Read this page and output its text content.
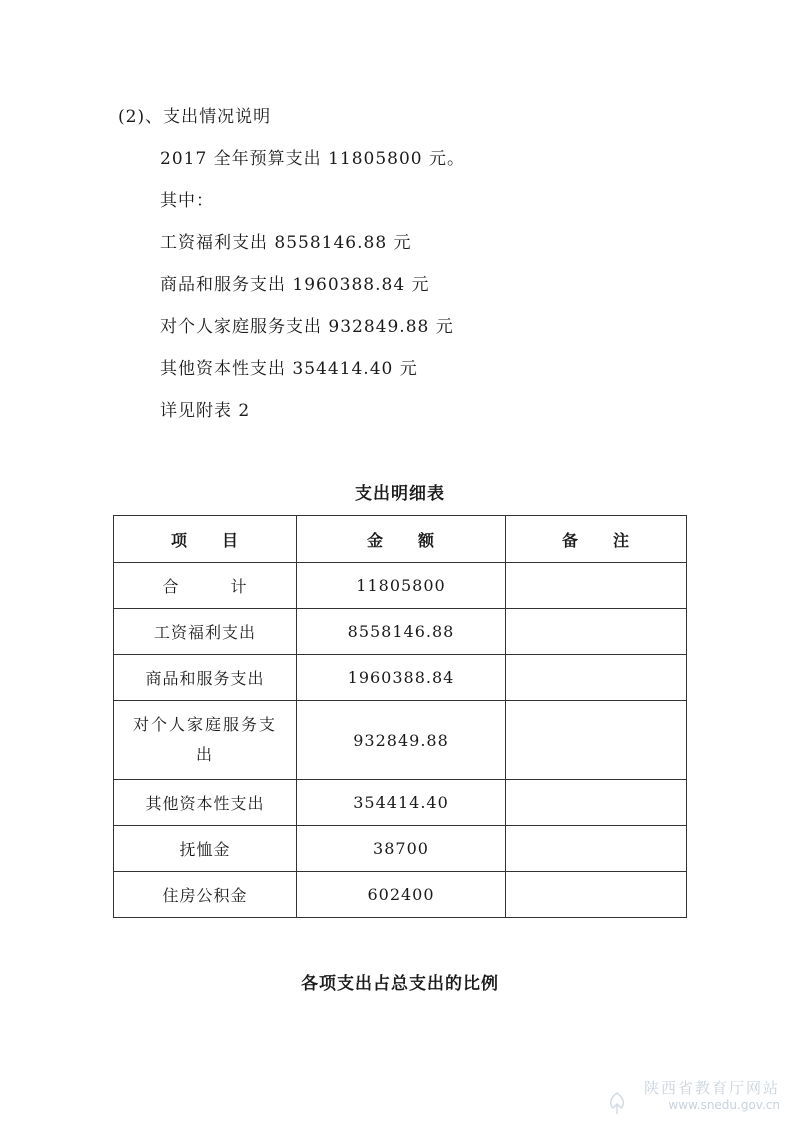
(2)、支出情况说明
2017 全年预算支出 11805800 元。
其中：
工资福利支出 8558146.88 元
商品和服务支出 1960388.84 元
对个人家庭服务支出 932849.88 元
其他资本性支出 354414.40 元
详见附表 2
支出明细表
项　　目	金　　额	备　　注
合　　　计	11805800	
工资福利支出	8558146.88	
商品和服务支出	1960388.84	
对个人家庭服务支出	932849.88	
其他资本性支出	354414.40	
抚恤金	38700	
住房公积金	602400	
各项支出占总支出的比例
陕西省教育厅网站
www.snedu.gov.cn
